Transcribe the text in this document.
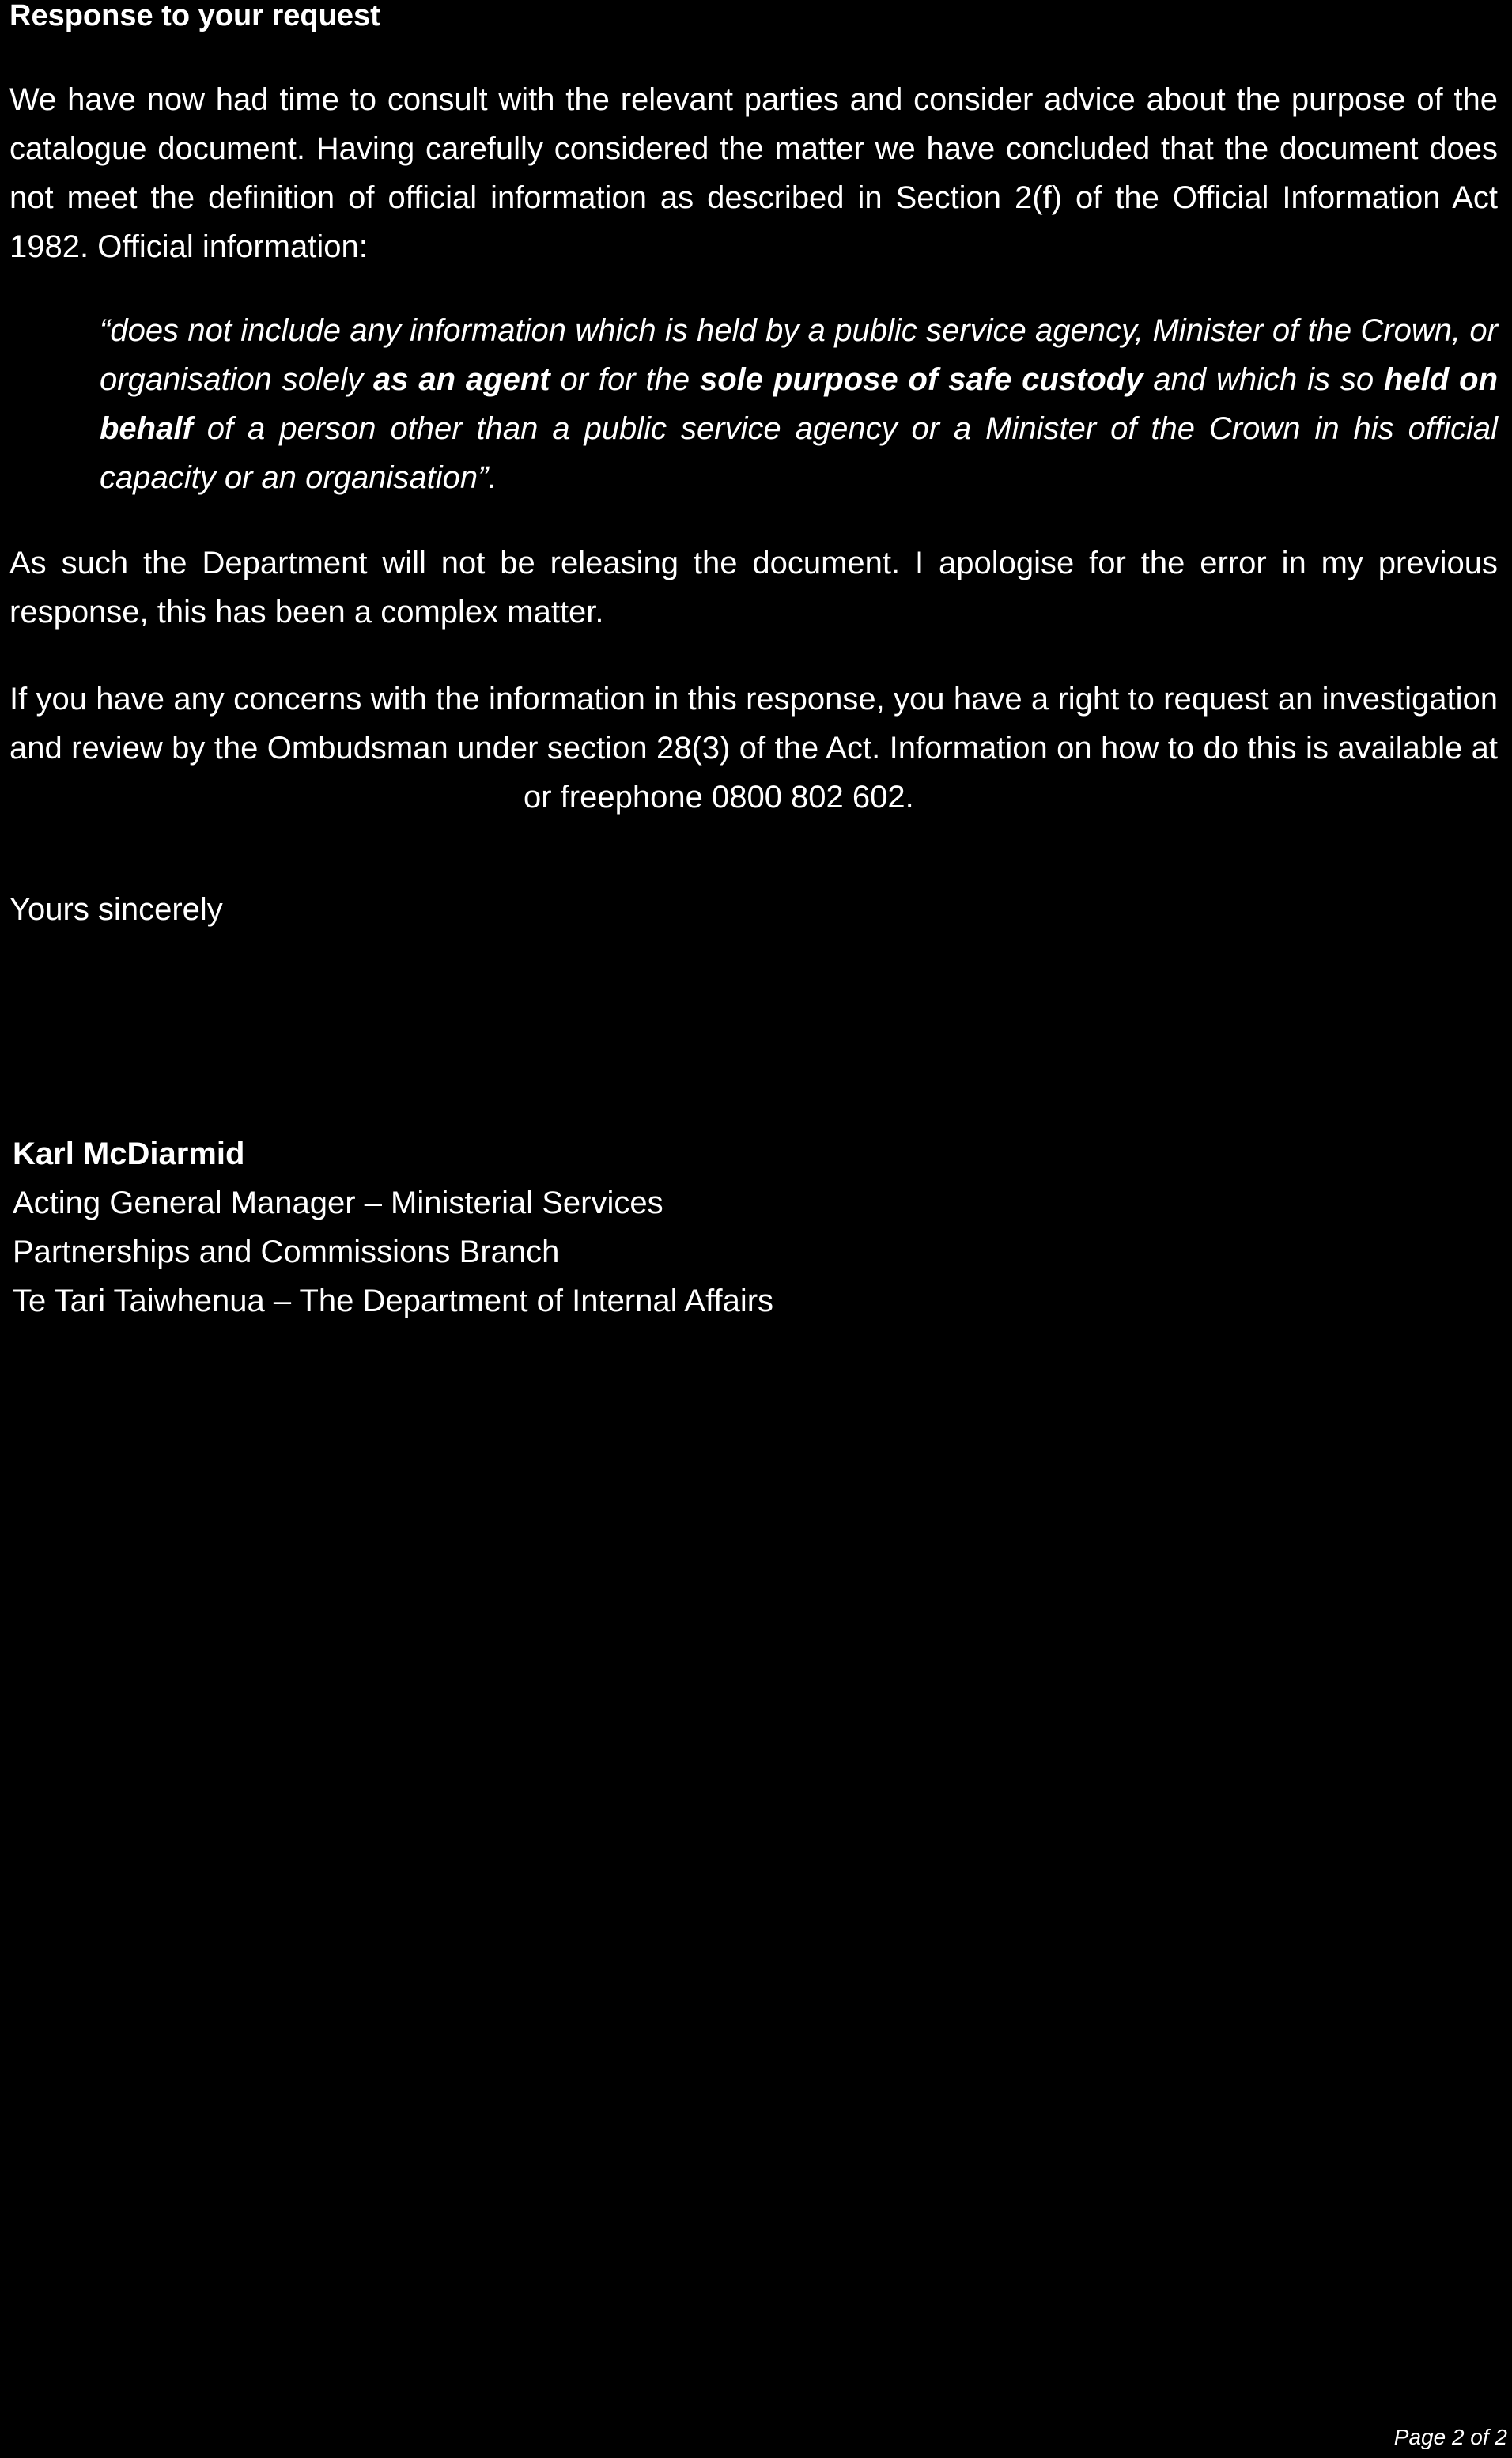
Response to your request

We have now had time to consult with the relevant parties and consider advice about the purpose of the catalogue document. Having carefully considered the matter we have concluded that the document does not meet the definition of official information as described in Section 2(f) of the Official Information Act 1982. Official information:

“does not include any information which is held by a public service agency, Minister of the Crown, or organisation solely as an agent or for the sole purpose of safe custody and which is so held on behalf of a person other than a public service agency or a Minister of the Crown in his official capacity or an organisation”.

As such the Department will not be releasing the document. I apologise for the error in my previous response, this has been a complex matter.

If you have any concerns with the information in this response, you have a right to request an investigation and review by the Ombudsman under section 28(3) of the Act. Information on how to do this is available ator freephone 0800 802 602.

Yours sincerely

Karl McDiarmid
Acting General Manager – Ministerial Services
Partnerships and Commissions Branch
Te Tari Taiwhenua – The Department of Internal Affairs
Page 2 of 2
